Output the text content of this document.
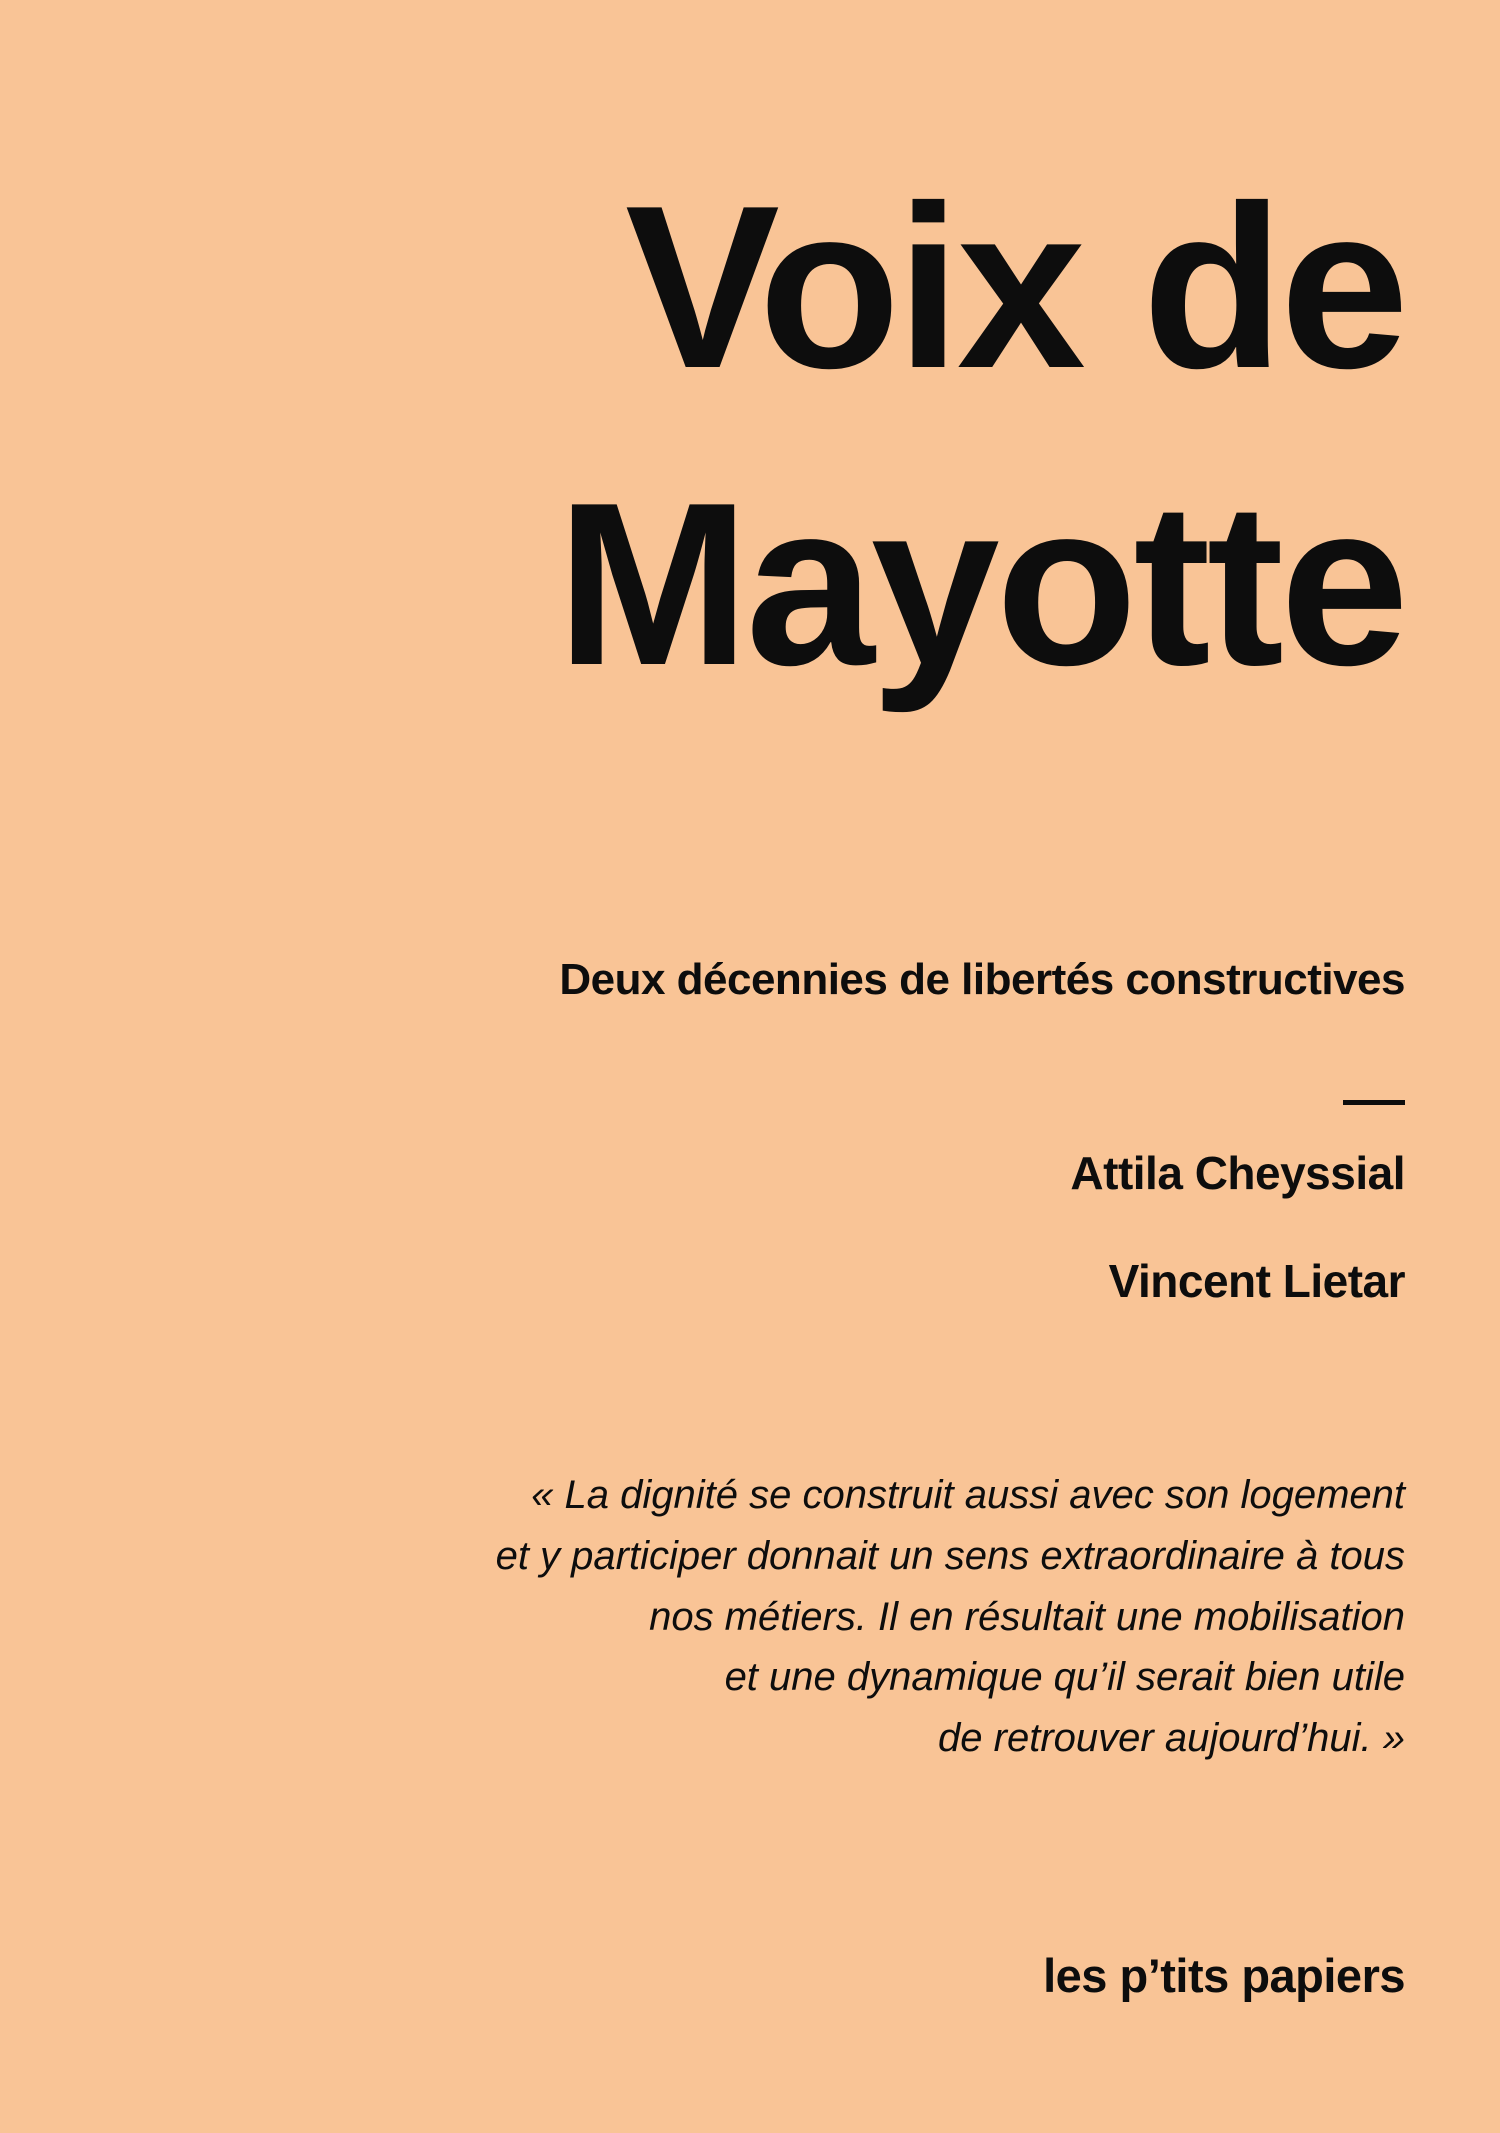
Voix de
Mayotte
Deux décennies de libertés constructives
Attila Cheyssial
Vincent Lietar
« La dignité se construit aussi avec son logement
et y participer donnait un sens extraordinaire à tous
nos métiers. Il en résultait une mobilisation
et une dynamique qu’il serait bien utile
de retrouver aujourd’hui. »
les p’tits papiers
